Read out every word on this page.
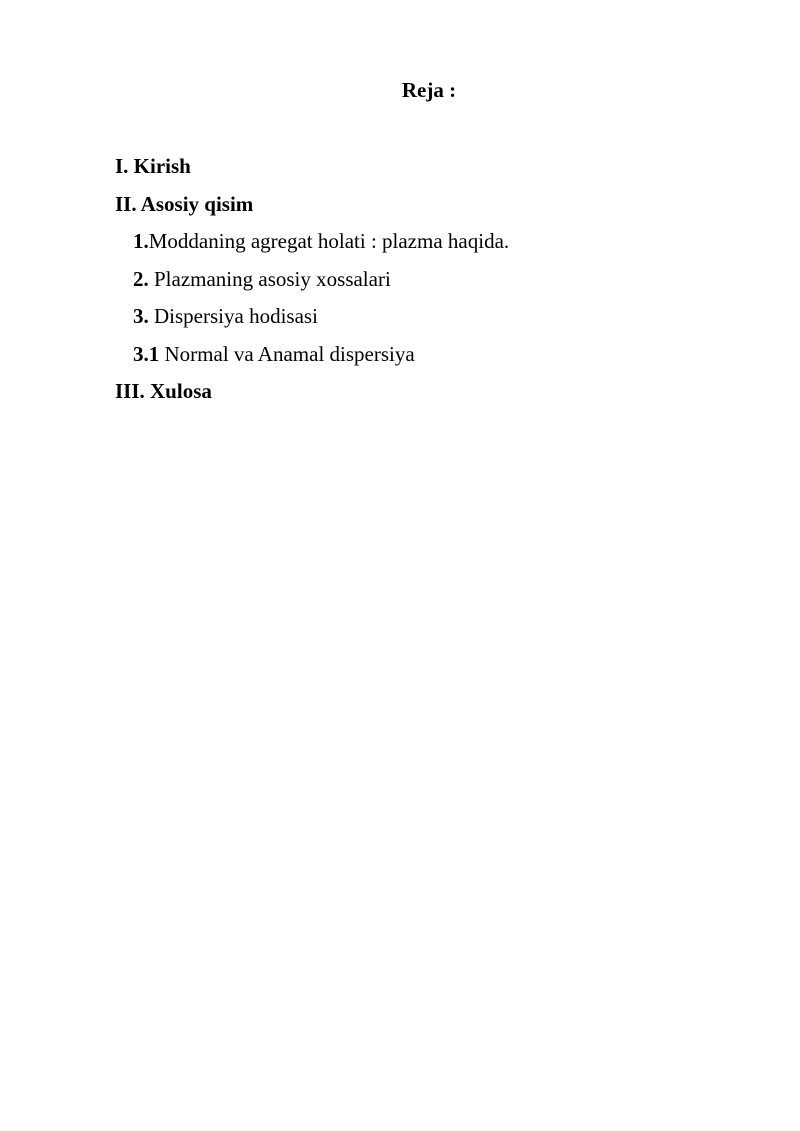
Reja :
I. Kirish
II. Asosiy qisim
1.Moddaning agregat holati : plazma haqida.
2. Plazmaning asosiy xossalari
3. Dispersiya hodisasi
3.1 Normal va Anamal dispersiya
III. Xulosa
